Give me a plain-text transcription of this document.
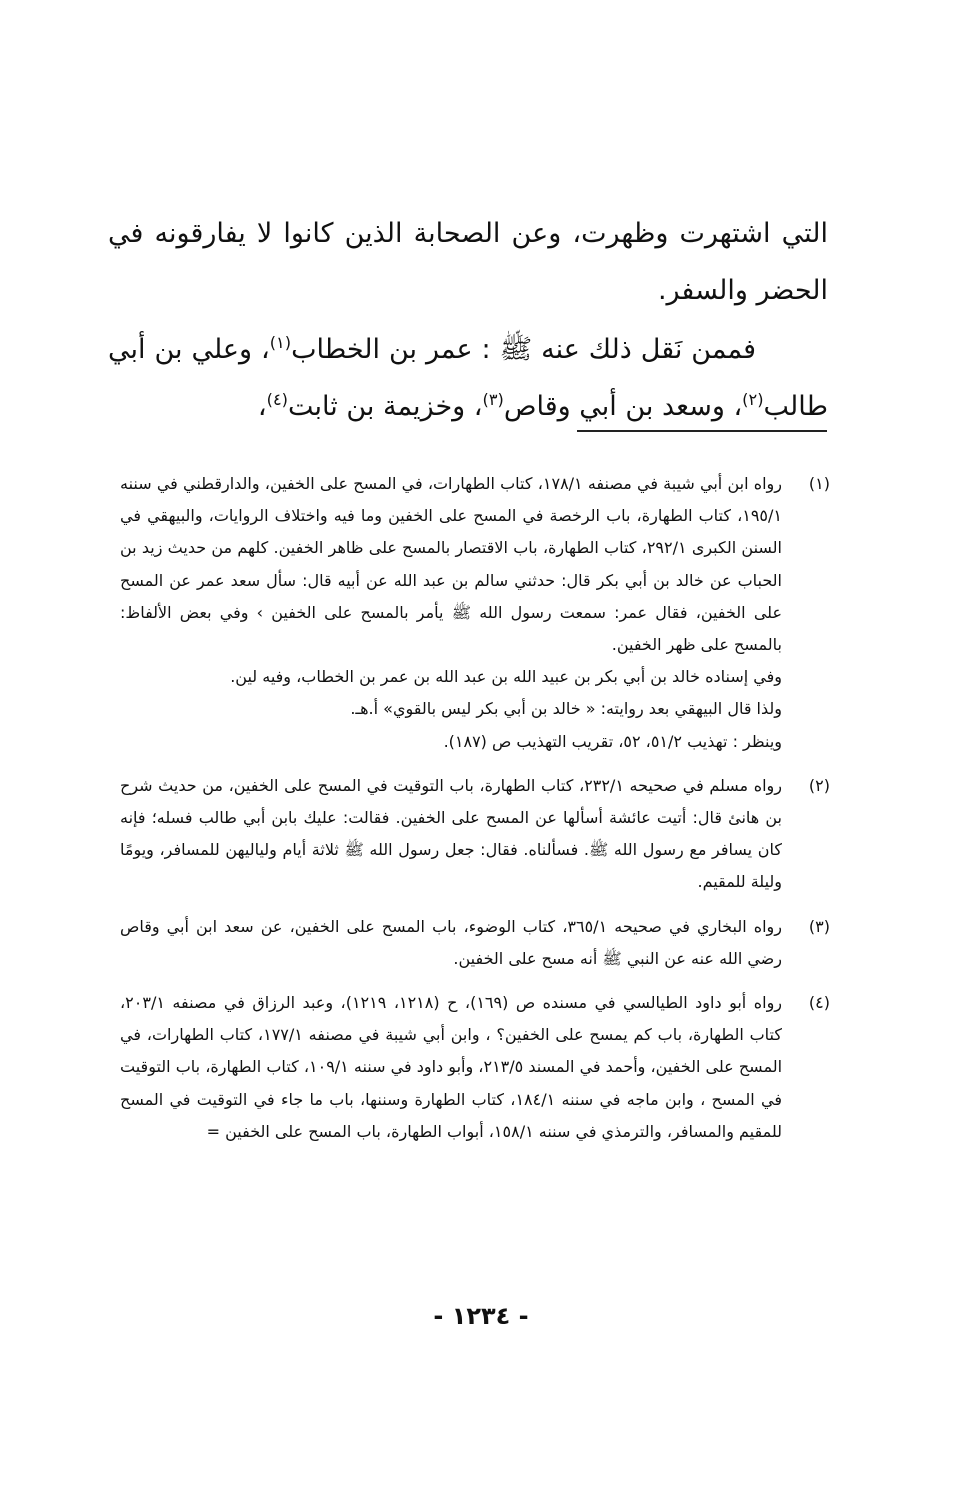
التي اشتهرت وظهرت، وعن الصحابة الذين كانوا لا يفارقونه في الحضر والسفر.

فممن نَقل ذلك عنه ﷺ : عمر بن الخطاب$^{(١)}$، وعلي بن أبي طالب$^{(٢)}$، وسعد بن أبي وقاص$^{(٣)}$، وخزيمة بن ثابت$^{(٤)}$،

(١)

رواه ابن أبي شيبة في مصنفه ١٧٨/١، كتاب الطهارات، في المسح على الخفين، والدارقطني في سننه ١٩٥/١، كتاب الطهارة، باب الرخصة في المسح على الخفين وما فيه واختلاف الروايات، والبيهقي في السنن الكبرى ٢٩٢/١، كتاب الطهارة، باب الاقتصار بالمسح على ظاهر الخفين. كلهم من حديث زيد بن الحباب عن خالد بن أبي بكر قال: حدثني سالم بن عبد الله عن أبيه قال: سأل سعد عمر عن المسح على الخفين، فقال عمر: سمعت رسول الله ﷺ يأمر بالمسح على الخفين › وفي بعض الألفاظ: بالمسح على ظهر الخفين.

وفي إسناده خالد بن أبي بكر بن عبيد الله بن عبد الله بن عمر بن الخطاب، وفيه لين.

ولذا قال البيهقي بعد روايته: « خالد بن أبي بكر ليس بالقوي» أ.هـ.

وينظر : تهذيب ٥١/٢، ٥٢، تقريب التهذيب ص (١٨٧).

(٢)

رواه مسلم في صحيحه ٢٣٢/١، كتاب الطهارة، باب التوقيت في المسح على الخفين، من حديث شرح بن هانئ قال: أتيت عائشة أسألها عن المسح على الخفين. فقالت: عليك بابن أبي طالب فسله؛ فإنه كان يسافر مع رسول الله ﷺ. فسألناه. فقال: جعل رسول الله ﷺ ثلاثة أيام ولياليهن للمسافر، ويومًا وليلة للمقيم.

(٣)

رواه البخاري في صحيحه ٣٦٥/١، كتاب الوضوء، باب المسح على الخفين، عن سعد ابن أبي وقاص رضي الله عنه عن النبي ﷺ أنه مسح على الخفين.

(٤)

رواه أبو داود الطيالسي في مسنده ص (١٦٩)، ح (١٢١٨، ١٢١٩)، وعبد الرزاق في مصنفه ٢٠٣/١، كتاب الطهارة، باب كم يمسح على الخفين؟ ، وابن أبي شيبة في مصنفه ١٧٧/١، كتاب الطهارات، في المسح على الخفين، وأحمد في المسند ٢١٣/٥، وأبو داود في سننه ١٠٩/١، كتاب الطهارة، باب التوقيت في المسح ، وابن ماجه في سننه ١٨٤/١، كتاب الطهارة وسننها، باب ما جاء في التوقيت في المسح للمقيم والمسافر، والترمذي في سننه ١٥٨/١، أبواب الطهارة، باب المسح على الخفين =

- ١٢٣٤ -
